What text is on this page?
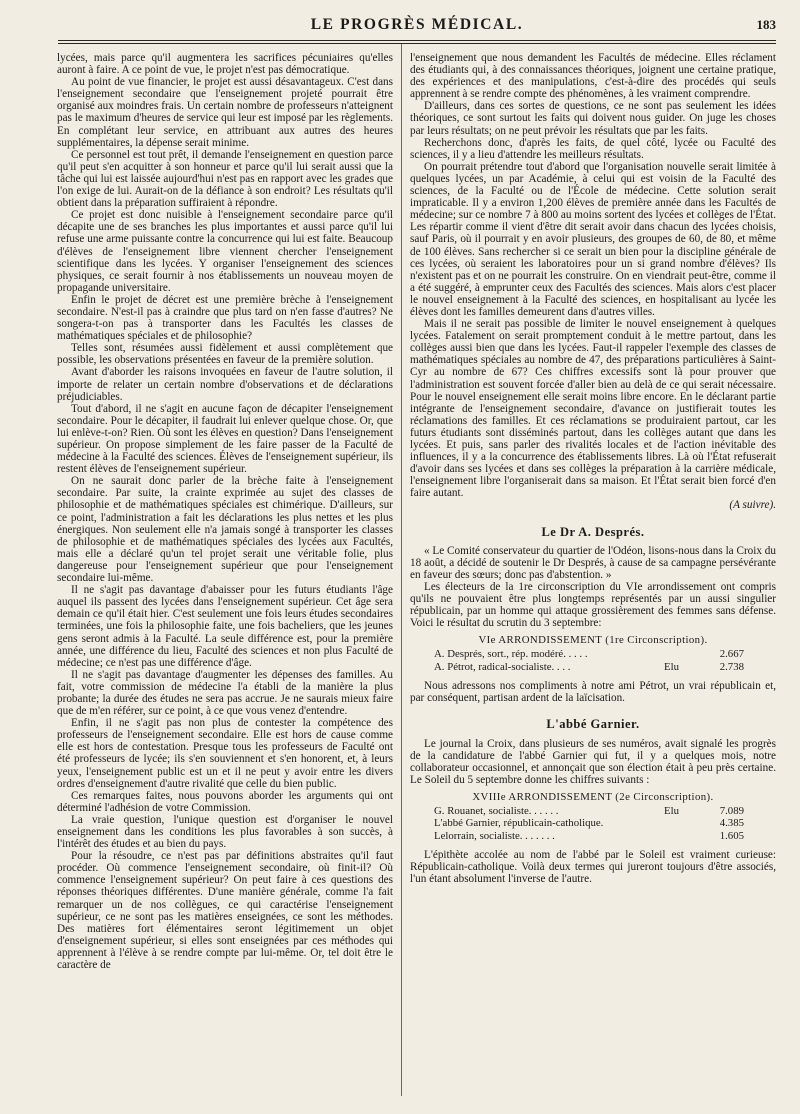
LE PROGRÈS MÉDICAL.	183

lycées, mais parce qu'il augmentera les sacrifices pécuniaires qu'elles auront à faire. A ce point de vue, le projet n'est pas démocratique.

Au point de vue financier, le projet est aussi désavantageux. C'est dans l'enseignement secondaire que l'enseignement projeté pourrait être organisé aux moindres frais. Un certain nombre de professeurs n'atteignent pas le maximum d'heures de service qui leur est imposé par les règlements. En complétant leur service, en attribuant aux autres des heures supplémentaires, la dépense serait minime.

Ce personnel est tout prêt, il demande l'enseignement en question parce qu'il peut s'en acquitter à son honneur et parce qu'il lui serait aussi que la tâche qui lui est laissée aujourd'hui n'est pas en rapport avec les grades que l'on exige de lui. Aurait-on de la défiance à son endroit? Les résultats qu'il obtient dans la préparation suffiraient à répondre.

Ce projet est donc nuisible à l'enseignement secondaire parce qu'il décapite une de ses branches les plus importantes et aussi parce qu'il lui refuse une arme puissante contre la concurrence qui lui est faite. Beaucoup d'élèves de l'enseignement libre viennent chercher l'enseignement scientifique dans les lycées. Y organiser l'enseignement des sciences physiques, ce serait fournir à nos établissements un nouveau moyen de propagande universitaire.

Enfin le projet de décret est une première brèche à l'enseignement secondaire. N'est-il pas à craindre que plus tard on n'en fasse d'autres? Ne songera-t-on pas à transporter dans les Facultés les classes de mathématiques spéciales et de philosophie?

Telles sont, résumées aussi fidèlement et aussi complètement que possible, les observations présentées en faveur de la première solution.

Avant d'aborder les raisons invoquées en faveur de l'autre solution, il importe de relater un certain nombre d'observations et de déclarations préjudiciables.

Tout d'abord, il ne s'agit en aucune façon de décapiter l'enseignement secondaire. Pour le décapiter, il faudrait lui enlever quelque chose. Or, que lui enlève-t-on? Rien. Où sont les élèves en question? Dans l'enseignement supérieur. On propose simplement de les faire passer de la Faculté de médecine à la Faculté des sciences. Élèves de l'enseignement supérieur, ils restent élèves de l'enseignement supérieur.

On ne saurait donc parler de la brèche faite à l'enseignement secondaire. Par suite, la crainte exprimée au sujet des classes de philosophie et de mathématiques spéciales est chimérique. D'ailleurs, sur ce point, l'administration a fait les déclarations les plus nettes et les plus énergiques. Non seulement elle n'a jamais songé à transporter les classes de philosophie et de mathématiques spéciales des lycées aux Facultés, mais elle a déclaré qu'un tel projet serait une véritable folie, plus dangereuse pour l'enseignement supérieur que pour l'enseignement secondaire lui-même.

Il ne s'agit pas davantage d'abaisser pour les futurs étudiants l'âge auquel ils passent des lycées dans l'enseignement supérieur. Cet âge sera demain ce qu'il était hier. C'est seulement une fois leurs études secondaires terminées, une fois la philosophie faite, une fois bacheliers, que les jeunes gens seront admis à la Faculté. La seule différence est, pour la première année, une différence du lieu, Faculté des sciences et non plus Faculté de médecine; ce n'est pas une différence d'âge.

Il ne s'agit pas davantage d'augmenter les dépenses des familles. Au fait, votre commission de médecine l'a établi de la manière la plus probante; la durée des études ne sera pas accrue. Je ne saurais mieux faire que de m'en référer, sur ce point, à ce que vous venez d'entendre.

Enfin, il ne s'agit pas non plus de contester la compétence des professeurs de l'enseignement secondaire. Elle est hors de cause comme elle est hors de contestation. Presque tous les professeurs de Faculté ont été professeurs de lycée; ils s'en souviennent et s'en honorent, et, à leurs yeux, l'enseignement public est un et il ne peut y avoir entre les divers ordres d'enseignement d'autre rivalité que celle du bien public.

Ces remarques faites, nous pouvons aborder les arguments qui ont déterminé l'adhésion de votre Commission.

La vraie question, l'unique question est d'organiser le nouvel enseignement dans les conditions les plus favorables à son succès, à l'intérêt des études et au bien du pays.

Pour la résoudre, ce n'est pas par définitions abstraites qu'il faut procéder. Où commence l'enseignement secondaire, où finit-il? Où commence l'enseignement supérieur? On peut faire à ces questions des réponses théoriques différentes. D'une manière générale, comme l'a fait remarquer un de nos collègues, ce qui caractérise l'enseignement supérieur, ce ne sont pas les matières enseignées, ce sont les méthodes. Des matières fort élémentaires seront légitimement un objet d'enseignement supérieur, si elles sont enseignées par ces méthodes qui apprennent à l'élève à se rendre compte par lui-même. Or, tel doit être le caractère de

l'enseignement que nous demandent les Facultés de médecine. Elles réclament des étudiants qui, à des connaissances théoriques, joignent une certaine pratique, des expériences et des manipulations, c'est-à-dire des procédés qui seuls apprennent à se rendre compte des phénomènes, à les vraiment comprendre.

D'ailleurs, dans ces sortes de questions, ce ne sont pas seulement les idées théoriques, ce sont surtout les faits qui doivent nous guider. On juge les choses par leurs résultats; on ne peut prévoir les résultats que par les faits.

Recherchons donc, d'après les faits, de quel côté, lycée ou Faculté des sciences, il y a lieu d'attendre les meilleurs résultats.

On pourrait prétendre tout d'abord que l'organisation nouvelle serait limitée à quelques lycées, un par Académie, à celui qui est voisin de la Faculté des sciences, de la Faculté ou de l'École de médecine. Cette solution serait impraticable. Il y a environ 1,200 élèves de première année dans les Facultés de médecine; sur ce nombre 7 à 800 au moins sortent des lycées et collèges de l'État. Les répartir comme il vient d'être dit serait avoir dans chacun des lycées choisis, sauf Paris, où il pourrait y en avoir plusieurs, des groupes de 60, de 80, et même de 100 élèves. Sans rechercher si ce serait un bien pour la discipline générale de ces lycées, où seraient les laboratoires pour un si grand nombre d'élèves? Ils n'existent pas et on ne pourrait les construire. On en viendrait peut-être, comme il a été suggéré, à emprunter ceux des Facultés des sciences. Mais alors c'est placer le nouvel enseignement à la Faculté des sciences, en hospitalisant au lycée les élèves dont les familles demeurent dans d'autres villes.

Mais il ne serait pas possible de limiter le nouvel enseignement à quelques lycées. Fatalement on serait promptement conduit à le mettre partout, dans les collèges aussi bien que dans les lycées. Faut-il rappeler l'exemple des classes de mathématiques spéciales au nombre de 47, des préparations particulières à Saint-Cyr au nombre de 67? Ces chiffres excessifs sont là pour prouver que l'administration est souvent forcée d'aller bien au delà de ce qui serait nécessaire. Pour le nouvel enseignement elle serait moins libre encore. En le déclarant partie intégrante de l'enseignement secondaire, d'avance on justifierait toutes les réclamations des familles. Et ces réclamations se produiraient partout, car les futurs étudiants sont disséminés partout, dans les collèges autant que dans les lycées. Et puis, sans parler des rivalités locales et de l'action inévitable des influences, il y a la concurrence des établissements libres. Là où l'État refuserait d'avoir dans ses lycées et dans ses collèges la préparation à la carrière médicale, l'enseignement libre l'organiserait dans sa maison. Et l'État serait bien forcé d'en faire autant.

(A suivre).
Le Dr A. Després.

« Le Comité conservateur du quartier de l'Odéon, lisons-nous dans la Croix du 18 août, a décidé de soutenir le Dr Després, à cause de sa campagne persévérante en faveur des sœurs; donc pas d'abstention. »

Les électeurs de la 1re circonscription du VIe arrondissement ont compris qu'ils ne pouvaient être plus longtemps représentés par un aussi singulier républicain, par un homme qui attaque grossièrement des femmes sans défense. Voici le résultat du scrutin du 3 septembre:

VIe ARRONDISSEMENT (1re Circonscription).
A. Després, sort., rép. modéré. . . . .	2.667
A. Pétrot, radical-socialiste. . . .	Elu	2.738

Nous adressons nos compliments à notre ami Pétrot, un vrai républicain et, par conséquent, partisan ardent de la laïcisation.

L'abbé Garnier.

Le journal la Croix, dans plusieurs de ses numéros, avait signalé les progrès de la candidature de l'abbé Garnier qui fut, il y a quelques mois, notre collaborateur occasionnel, et annonçait que son élection était à peu près certaine. Le Soleil du 5 septembre donne les chiffres suivants :

XVIIIe ARRONDISSEMENT (2e Circonscription).
G. Rouanet, socialiste. . . . . .	Elu	7.089
L'abbé Garnier, républicain-catholique.	4.385
Lelorrain, socialiste. . . . . . .	1.605

L'épithète accolée au nom de l'abbé par le Soleil est vraiment curieuse: Républicain-catholique. Voilà deux termes qui jureront toujours d'être associés, l'un étant absolument l'inverse de l'autre.
